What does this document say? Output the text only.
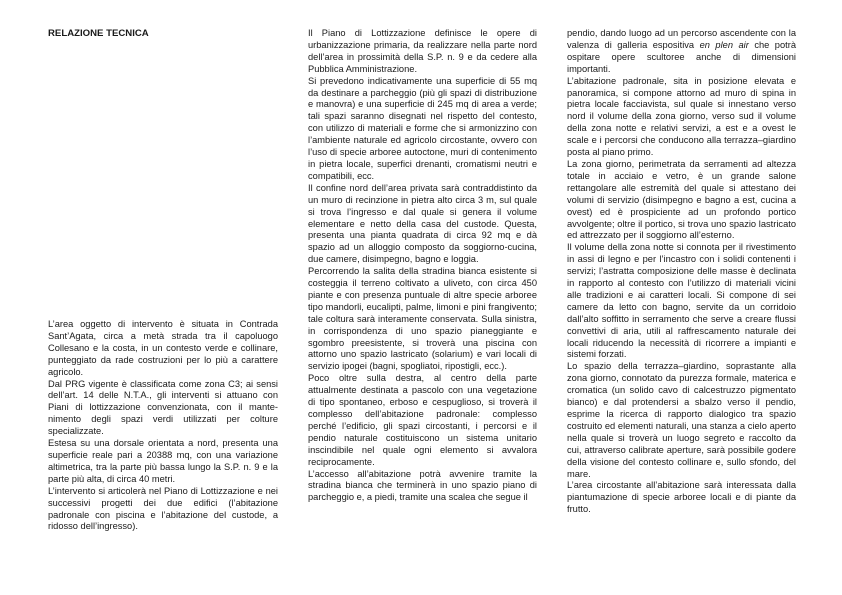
RELAZIONE TECNICA

L’area oggetto di intervento è situata in Contrada Sant’Agata, circa a metà strada tra il capoluogo Collesano e la costa, in un contesto verde e collinare, punteggiato da rade costruzioni per lo più a carattere agricolo.

Dal PRG vigente è classificata come zona C3; ai sensi dell’art. 14 delle N.T.A., gli interventi si attuano con Piani di lottizzazione convenzionata, con il mante-nimento degli spazi verdi utilizzati per colture specializzate.

Estesa su una dorsale orientata a nord, presenta una superficie reale pari a 20388 mq, con una variazione altimetrica, tra la parte più bassa lungo la S.P. n. 9 e la parte più alta, di circa 40 metri.

L’intervento si articolerà nel Piano di Lottizzazione e nei successivi progetti dei due edifici (l’abitazione padronale con piscina e l’abitazione del custode, a ridosso dell’ingresso).

Il Piano di Lottizzazione definisce le opere di urbanizzazione primaria, da realizzare nella parte nord dell’area in prossimità della S.P. n. 9 e da cedere alla Pubblica Amministrazione.

Si prevedono indicativamente una superficie di 55 mq da destinare a parcheggio (più gli spazi di distribuzione e manovra) e una superficie di 245 mq di area a verde; tali spazi saranno disegnati nel rispetto del contesto, con utilizzo di materiali e forme che si armonizzino con l’ambiente naturale ed agricolo circostante, ovvero con l’uso di specie arboree autoctone, muri di contenimento in pietra locale, superfici drenanti, cromatismi neutri e compatibili, ecc.

Il confine nord dell’area privata sarà contraddistinto da un muro di recinzione in pietra alto circa 3 m, sul quale si trova l’ingresso e dal quale si genera il volume elementare e netto della casa del custode. Questa, presenta una pianta quadrata di circa 92 mq e dà spazio ad un alloggio composto da soggiorno-cucina, due camere, disimpegno, bagno e loggia.

Percorrendo la salita della stradina bianca esistente si costeggia il terreno coltivato a uliveto, con circa 450 piante e con presenza puntuale di altre specie arboree tipo mandorli, eucalipti, palme, limoni e pini frangivento; tale coltura sarà interamente conservata. Sulla sinistra, in corrispondenza di uno spazio pianeggiante e sgombro preesistente, si troverà una piscina con attorno uno spazio lastricato (solarium) e vari locali di servizio ipogei (bagni, spogliatoi, ripostigli, ecc.).

Poco oltre sulla destra, al centro della parte attualmente destinata a pascolo con una vegetazione di tipo spontaneo, erboso e cespuglioso, si troverà il complesso dell’abitazione padronale: complesso perché l’edificio, gli spazi circostanti, i percorsi e il pendio naturale costituiscono un sistema unitario inscindibile nel quale ogni elemento si avvalora reciprocamente.

L’accesso all’abitazione potrà avvenire tramite la stradina bianca che terminerà in uno spazio piano di parcheggio e, a piedi, tramite una scalea che segue il

pendio, dando luogo ad un percorso ascendente con la valenza di galleria espositiva en plen air che potrà ospitare opere scultoree anche di dimensioni importanti.

L’abitazione padronale, sita in posizione elevata e panoramica, si compone attorno ad muro di spina in pietra locale facciavista, sul quale si innestano verso nord il volume della zona giorno, verso sud il volume della zona notte e relativi servizi, a est e a ovest le scale e i percorsi che conducono alla terrazza–giardino posta al piano primo.

La zona giorno, perimetrata da serramenti ad altezza totale in acciaio e vetro, è un grande salone rettangolare alle estremità del quale si attestano dei volumi di servizio (disimpegno e bagno a est, cucina a ovest) ed è prospiciente ad un profondo portico avvolgente; oltre il portico, si trova uno spazio lastricato ed attrezzato per il soggiorno all’esterno.

Il volume della zona notte si connota per il rivestimento in assi di legno e per l’incastro con i solidi contenenti i servizi; l’astratta composizione delle masse è declinata in rapporto al contesto con l’utilizzo di materiali vicini alle tradizioni e ai caratteri locali. Si compone di sei camere da letto con bagno, servite da un corridoio dall’alto soffitto in serramento che serve a creare flussi convettivi di aria, utili al raffrescamento naturale dei locali riducendo la necessità di ricorrere a impianti e sistemi forzati.

Lo spazio della terrazza–giardino, soprastante alla zona giorno, connotato da purezza formale, materica e cromatica (un solido cavo di calcestruzzo pigmentato bianco) e dal protendersi a sbalzo verso il pendio, esprime la ricerca di rapporto dialogico tra spazio costruito ed elementi naturali, una stanza a cielo aperto nella quale si troverà un luogo segreto e raccolto da cui, attraverso calibrate aperture, sarà possibile godere della visione del contesto collinare e, sullo sfondo, del mare.

L’area circostante all’abitazione sarà interessata dalla piantumazione di specie arboree locali e di piante da frutto.
